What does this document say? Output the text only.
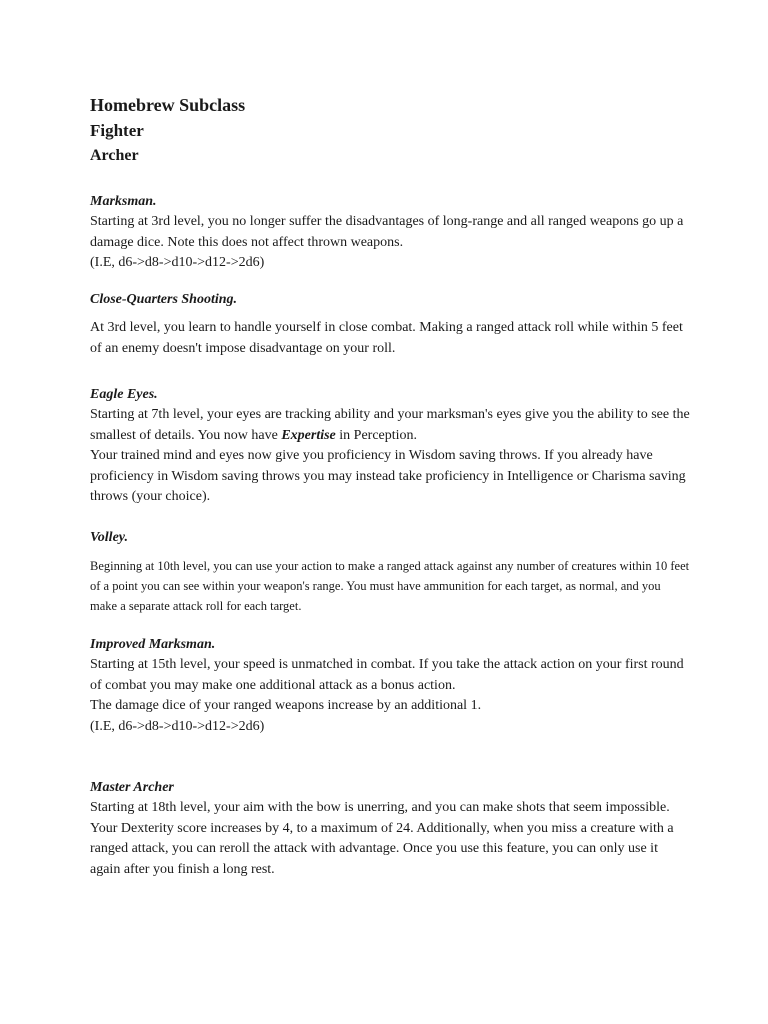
Homebrew Subclass
Fighter
Archer
Marksman.

Starting at 3rd level, you no longer suffer the disadvantages of long-range and all ranged weapons go up a damage dice. Note this does not affect thrown weapons.

(I.E, d6->d8->d10->d12->2d6)

Close-Quarters Shooting.

At 3rd level, you learn to handle yourself in close combat. Making a ranged attack roll while within 5 feet of an enemy doesn't impose disadvantage on your roll.

Eagle Eyes.

Starting at 7th level, your eyes are tracking ability and your marksman's eyes give you the ability to see the smallest of details. You now have Expertise in Perception.

Your trained mind and eyes now give you proficiency in Wisdom saving throws. If you already have proficiency in Wisdom saving throws you may instead take proficiency in Intelligence or Charisma saving throws (your choice).

Volley.

Beginning at 10th level, you can use your action to make a ranged attack against any number of creatures within 10 feet of a point you can see within your weapon's range. You must have ammunition for each target, as normal, and you make a separate attack roll for each target.

Improved Marksman.

Starting at 15th level, your speed is unmatched in combat. If you take the attack action on your first round of combat you may make one additional attack as a bonus action.

The damage dice of your ranged weapons increase by an additional 1.

(I.E, d6->d8->d10->d12->2d6)

Master Archer

Starting at 18th level, your aim with the bow is unerring, and you can make shots that seem impossible. Your Dexterity score increases by 4, to a maximum of 24. Additionally, when you miss a creature with a ranged attack, you can reroll the attack with advantage. Once you use this feature, you can only use it again after you finish a long rest.
